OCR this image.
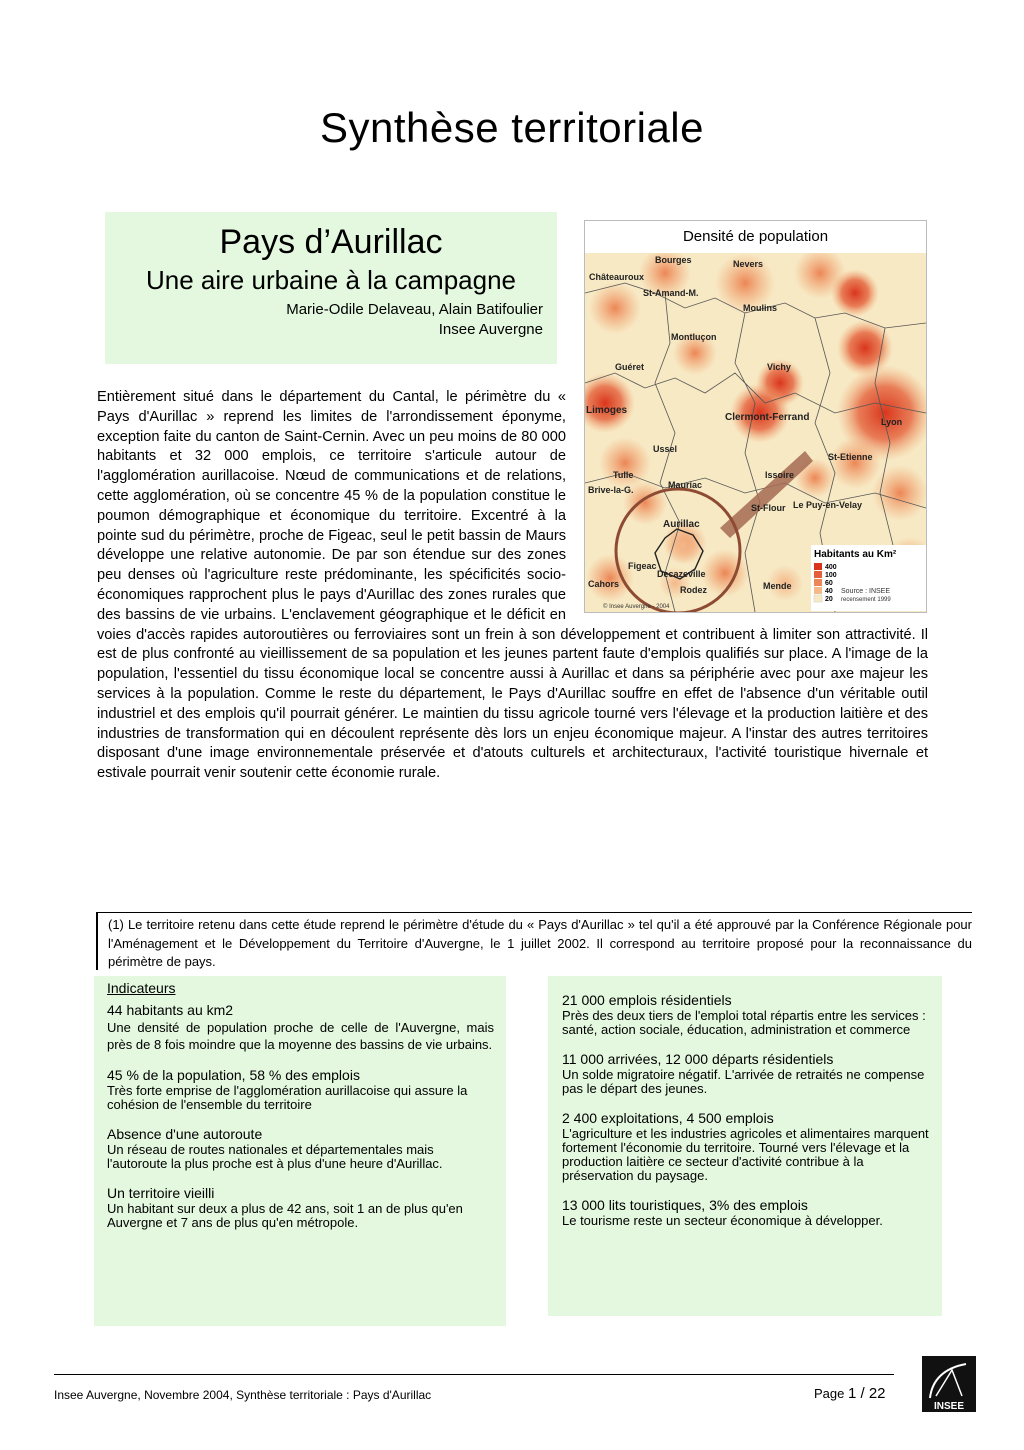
Synthèse territoriale
Pays d’Aurillac
Une aire urbaine à la campagne
Marie-Odile Delaveau, Alain Batifoulier
Insee Auvergne
Densité de population
Bourges	Nevers
Châteauroux
St-Amand-M.
Moulins
Montluçon
Guéret	Vichy
Limoges
Clermont-Ferrand	Lyon
Ussel
St-Etienne
Tulle
Brive-la-G.	Mauriac
Issoire
Le Puy-en-Velay
Aurillac
St-Flour
Figeac
Decazeville
Rodez
Cahors	Mende
Habitants au Km²
400
100
60
40
20
Source : INSEE
recensement 1999
© Insee Auvergne - 2004
Entièrement situé dans le département du Cantal, le périmètre du « Pays d'Aurillac » reprend les limites de l'arrondissement éponyme, exception faite du canton de Saint-Cernin. Avec un peu moins de 80 000 habitants et 32 000 emplois, ce territoire s'articule autour de l'agglomération aurillacoise. Nœud de communications et de relations, cette agglomération, où se concentre 45 % de la population constitue le poumon démographique et économique du territoire. Excentré à la pointe sud du périmètre, proche de Figeac, seul le petit bassin de Maurs développe une relative autonomie. De par son étendue sur des zones peu denses où l'agriculture reste prédominante, les spécificités socio-économiques rapprochent plus le pays d'Aurillac des zones rurales que des bassins de vie urbains. L'enclavement géographique et le déficit en voies d'accès rapides autoroutières ou ferroviaires sont un frein à son développement et contribuent à limiter son attractivité. Il est de plus confronté au vieillissement de sa population et les jeunes partent faute d'emplois qualifiés sur place. A l'image de la population, l'essentiel du tissu économique local se concentre aussi à Aurillac et dans sa périphérie avec pour axe majeur les services à la population. Comme le reste du département, le Pays d'Aurillac souffre en effet de l'absence d'un véritable outil industriel et des emplois qu'il pourrait générer. Le maintien du tissu agricole tourné vers l'élevage et la production laitière et des industries de transformation qui en découlent représente dès lors un enjeu économique majeur. A l'instar des autres territoires disposant d'une image environnementale préservée et d'atouts culturels et architecturaux, l'activité touristique hivernale et estivale pourrait venir soutenir cette économie rurale.
(1) Le territoire retenu dans cette étude reprend le périmètre d'étude du « Pays d'Aurillac » tel qu'il a été approuvé par la Conférence Régionale pour l'Aménagement et le Développement du Territoire d'Auvergne, le 1 juillet 2002. Il correspond au territoire proposé pour la reconnaissance du périmètre de pays.
Indicateurs
44 habitants au km2
Une densité de population proche de celle de l'Auvergne, mais près de 8 fois moindre que la moyenne des bassins de vie urbains.
45 % de la population, 58 % des emplois
Très forte emprise de l'agglomération aurillacoise qui assure la cohésion de l'ensemble du territoire
Absence d'une autoroute
Un réseau de routes nationales et départementales mais l'autoroute la plus proche est à plus d'une heure d'Aurillac.
Un territoire vieilli
Un habitant sur deux a plus de 42 ans, soit 1 an de plus qu'en Auvergne et 7 ans de plus qu'en métropole.
21 000 emplois résidentiels
Près des deux tiers de l'emploi total répartis entre les services : santé, action sociale, éducation, administration et commerce
11 000 arrivées, 12 000 départs résidentiels
Un solde migratoire négatif. L'arrivée de retraités ne compense pas le départ des jeunes.
2 400 exploitations, 4 500 emplois
L'agriculture et les industries agricoles et alimentaires marquent fortement l'économie du territoire. Tourné vers l'élevage et la production laitière ce secteur d'activité contribue à la préservation du paysage.
13 000 lits touristiques, 3% des emplois
Le tourisme reste un secteur économique à développer.
Insee Auvergne, Novembre 2004, Synthèse territoriale : Pays d'Aurillac	Page 1 / 22
INSEE
